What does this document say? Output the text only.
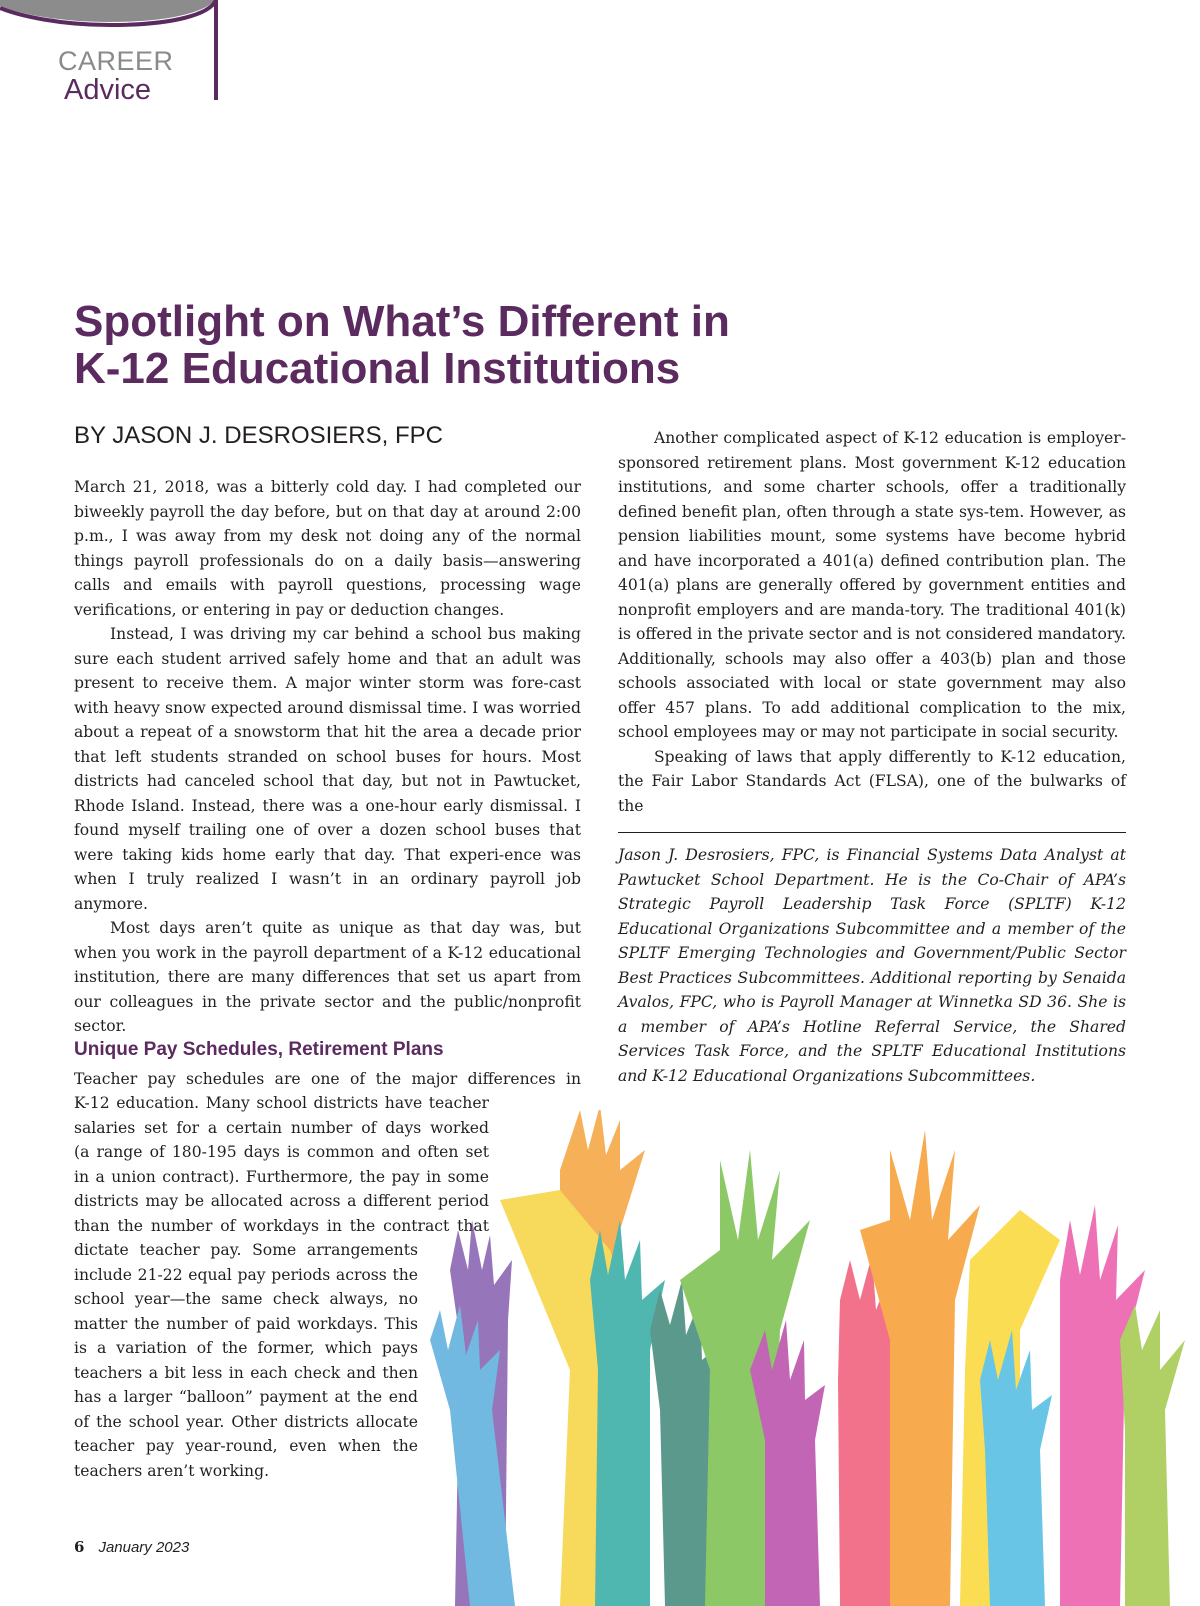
CAREER
Advice
Spotlight on What’s Different in
K-12 Educational Institutions
BY JASON J. DESROSIERS, FPC

March 21, 2018, was a bitterly cold day. I had completed our biweekly payroll the day before, but on that day at around 2:00 p.m., I was away from my desk not doing any of the normal things payroll professionals do on a daily basis—answering calls and emails with payroll questions, processing wage verifications, or entering in pay or deduction changes.

Instead, I was driving my car behind a school bus making sure each student arrived safely home and that an adult was present to receive them. A major winter storm was fore-cast with heavy snow expected around dismissal time. I was worried about a repeat of a snowstorm that hit the area a decade prior that left students stranded on school buses for hours. Most districts had canceled school that day, but not in Pawtucket, Rhode Island. Instead, there was a one-hour early dismissal. I found myself trailing one of over a dozen school buses that were taking kids home early that day. That experi-ence was when I truly realized I wasn’t in an ordinary payroll job anymore.

Most days aren’t quite as unique as that day was, but when you work in the payroll department of a K-12 educational institution, there are many differences that set us apart from our colleagues in the private sector and the public/nonprofit sector.

Unique Pay Schedules, Retirement Plans
Teacher pay schedules are one of the major differences in
K-12 education. Many school districts have teacher
salaries set for a certain number of days worked
(a range of 180-195 days is common and often set
in a union contract). Furthermore, the pay in some
districts may be allocated across a different period
than the number of workdays in the contract that
dictate teacher pay. Some arrangements
include 21-22 equal pay periods across the
school year—the same check always, no
matter the number of paid workdays. This
is a variation of the former, which pays
teachers a bit less in each check and then
has a larger “balloon” payment at the end
of the school year. Other districts allocate
teacher pay year-round, even when the
teachers aren’t working.

Another complicated aspect of K-12 education is employer-sponsored retirement plans. Most government K-12 education institutions, and some charter schools, offer a traditionally defined benefit plan, often through a state sys-tem. However, as pension liabilities mount, some systems have become hybrid and have incorporated a 401(a) defined contribution plan. The 401(a) plans are generally offered by government entities and nonprofit employers and are manda-tory. The traditional 401(k) is offered in the private sector and is not considered mandatory. Additionally, schools may also offer a 403(b) plan and those schools associated with local or state government may also offer 457 plans. To add additional complication to the mix, school employees may or may not participate in social security.

Speaking of laws that apply differently to K-12 education, the Fair Labor Standards Act (FLSA), one of the bulwarks of the

Jason J. Desrosiers, FPC, is Financial Systems Data Analyst at Pawtucket School Department. He is the Co-Chair of APA’s Strategic Payroll Leadership Task Force (SPLTF) K-12 Educational Organizations Subcommittee and a member of the SPLTF Emerging Technologies and Government/Public Sector Best Practices Subcommittees. Additional reporting by Senaida Avalos, FPC, who is Payroll Manager at Winnetka SD 36. She is a member of APA’s Hotline Referral Service, the Shared Services Task Force, and the SPLTF Educational Institutions and K-12 Educational Organizations Subcommittees.

6 January 2023
